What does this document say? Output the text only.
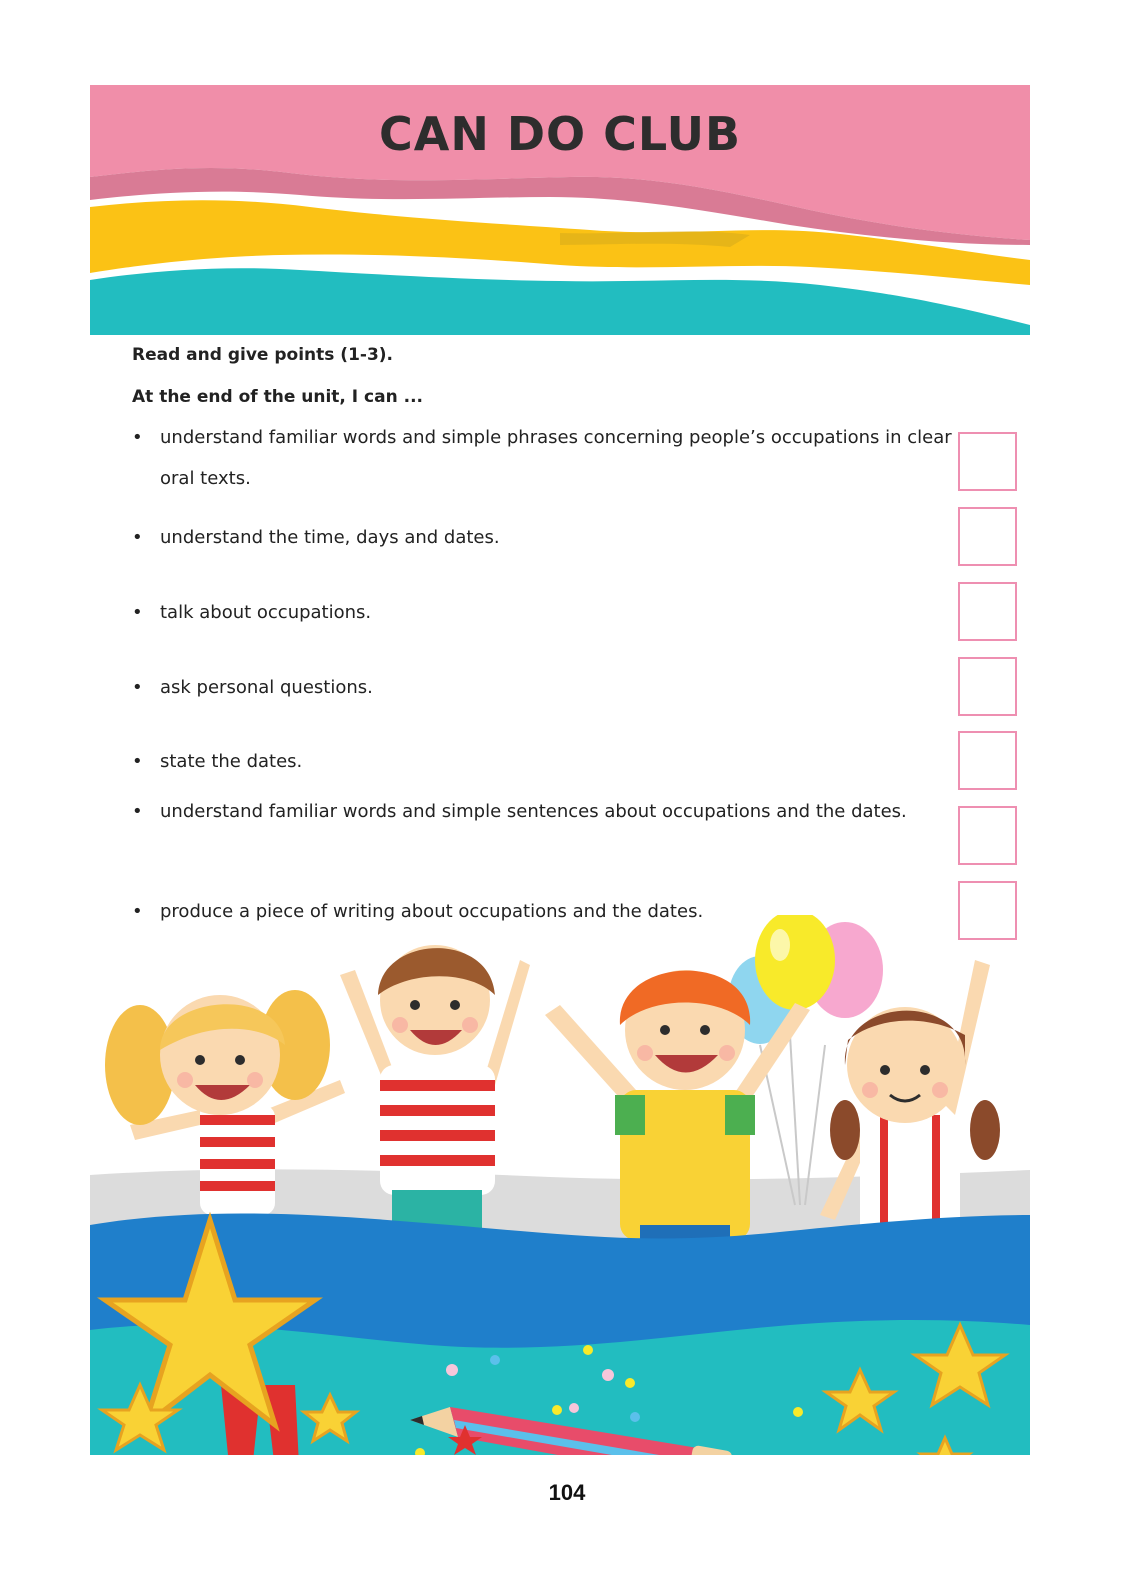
CAN DO CLUB
Read and give points (1-3).
At the end of the unit, I can ...
• understand familiar words and simple phrases concerning people’s occupations in clear oral texts.
• understand the time, days and dates.
• talk about occupations.
• ask personal questions.
• state the dates.
• understand familiar words and simple sentences about occupations and the dates.
• produce a piece of writing about occupations and the dates.
104
